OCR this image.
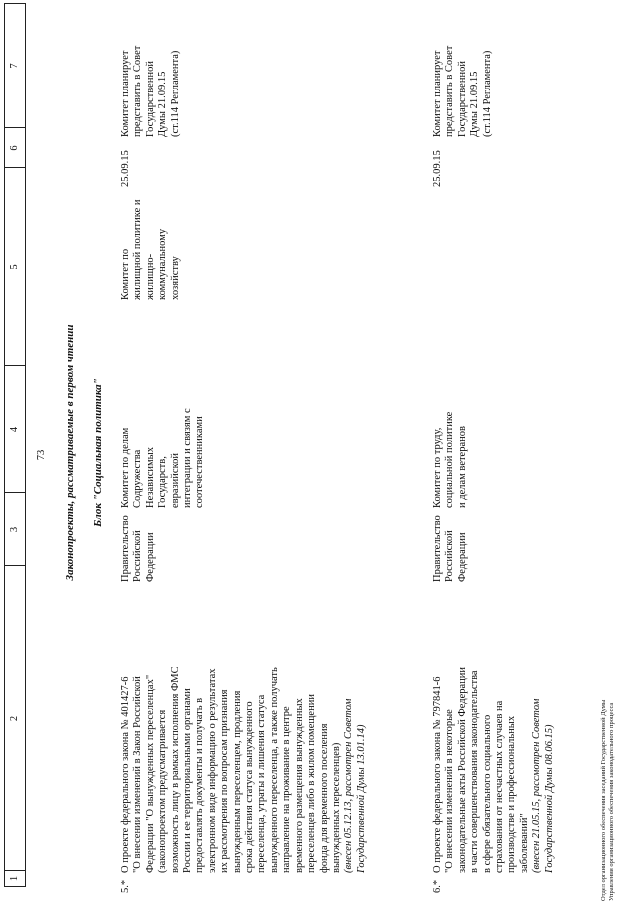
73
1
2
3
4
5
6
7
Законопроекты, рассматриваемые в первом чтении Блок "Социальная политика"
5.*
О проекте федерального закона № 401427-6 "О внесении изменений в Закон Российской Федерации "О вынужденных переселенцах" (законопроектом предусматривается возможность лицу в рамках исполнения ФМС России и ее территориальными органами предоставлять документы и получать в электронном виде информацию о результатах их рассмотрения по вопросам признания вынужденным переселенцем, продления срока действия статуса вынужденного переселенца, утраты и лишения статуса вынужденного переселенца, а также получать направление на проживание в центре временного размещения вынужденных переселенцев либо в жилом помещении фонда для временного поселения вынужденных переселенцев) (внесен 05.12.13, рассмотрен Советом Государственной Думы 13.01.14)
Правительство Российской Федерации
Комитет по делам Содружества Независимых Государств, евразийской интеграции и связям с соотечественниками
Комитет по жилищной политике и жилищно- коммунальному хозяйству
25.09.15
Комитет планирует представить в Совет Государственной Думы 21.09.15 (ст.114 Регламента)
6.*
О проекте федерального закона № 797841-6 "О внесении изменений в некоторые законодательные акты Российской Федерации в части совершенствования законодательства в сфере обязательного социального страхования от несчастных случаев на производстве и профессиональных заболеваний" (внесен 21.05.15, рассмотрен Советом Государственной Думы 08.06.15)
Правительство Российской Федерации
Комитет по труду, социальной политике и делам ветеранов
25.09.15
Комитет планирует представить в Совет Государственной Думы 21.09.15 (ст.114 Регламента)
Отдел организационного обеспечения заседаний Государственной Думы Управления организационного обеспечения законодательного процесса
